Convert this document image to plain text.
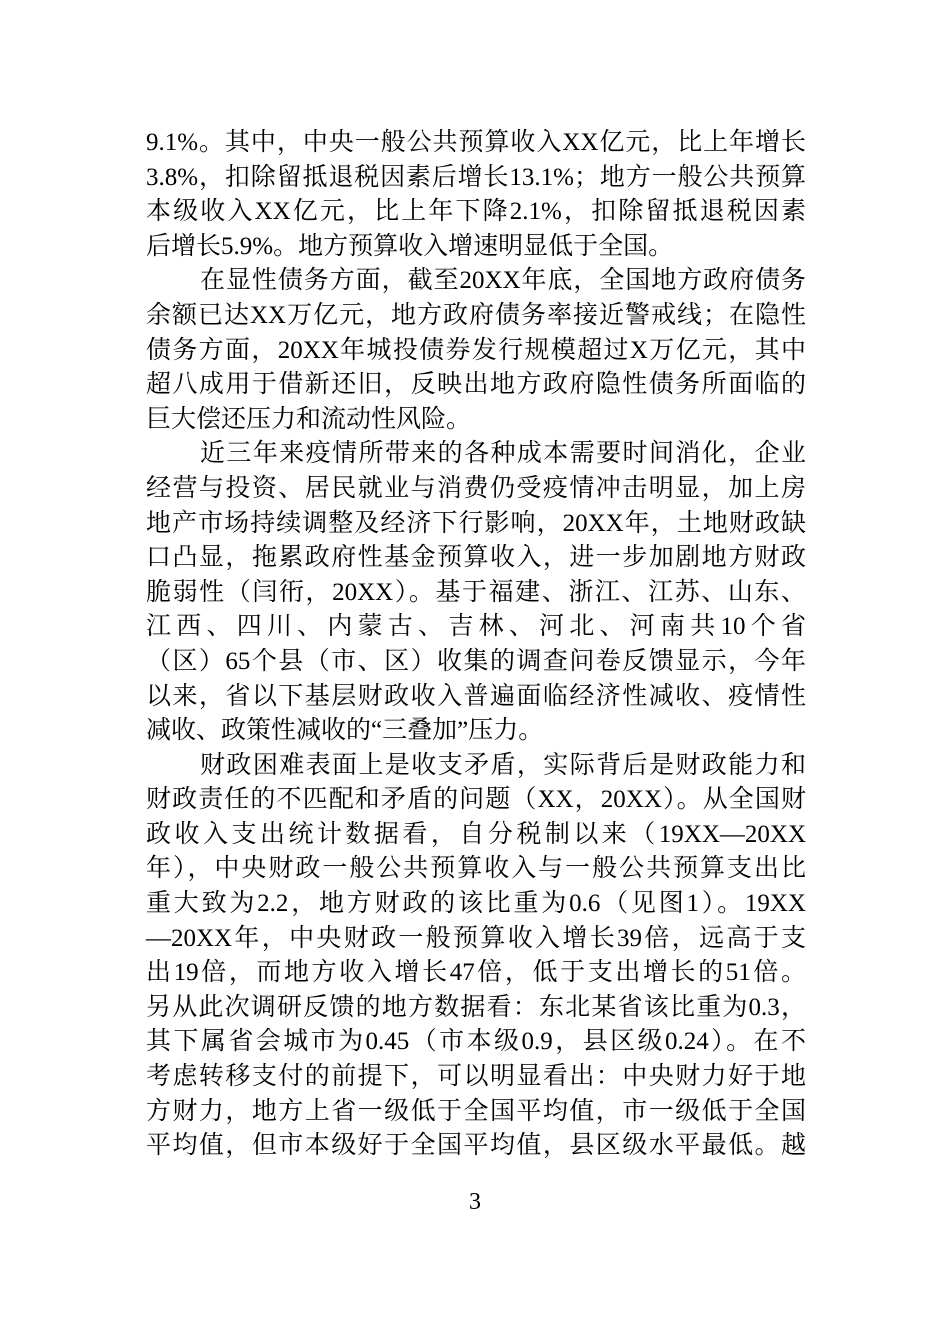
9.1%。其中，中央一般公共预算收入XX亿元，比上年增长
3.8%，扣除留抵退税因素后增长13.1%；地方一般公共预算
本级收入XX亿元，比上年下降2.1%，扣除留抵退税因素
后增长5.9%。地方预算收入增速明显低于全国。
在显性债务方面，截至20XX年底，全国地方政府债务
余额已达XX万亿元，地方政府债务率接近警戒线；在隐性
债务方面，20XX年城投债券发行规模超过X万亿元，其中
超八成用于借新还旧，反映出地方政府隐性债务所面临的
巨大偿还压力和流动性风险。
近三年来疫情所带来的各种成本需要时间消化，企业
经营与投资、居民就业与消费仍受疫情冲击明显，加上房
地产市场持续调整及经济下行影响，20XX年，土地财政缺
口凸显，拖累政府性基金预算收入，进一步加剧地方财政
脆弱性（闫衎，20XX）。基于福建、浙江、江苏、山东、
江西、四川、内蒙古、吉林、河北、河南共10个省
（区）65个县（市、区）收集的调查问卷反馈显示，今年
以来，省以下基层财政收入普遍面临经济性减收、疫情性
减收、政策性减收的“三叠加”压力。
财政困难表面上是收支矛盾，实际背后是财政能力和
财政责任的不匹配和矛盾的问题（XX，20XX）。从全国财
政收入支出统计数据看，自分税制以来（19XX—20XX
年），中央财政一般公共预算收入与一般公共预算支出比
重大致为2.2，地方财政的该比重为0.6（见图1）。19XX
—20XX年，中央财政一般预算收入增长39倍，远高于支
出19倍，而地方收入增长47倍，低于支出增长的51倍。
另从此次调研反馈的地方数据看：东北某省该比重为0.3，
其下属省会城市为0.45（市本级0.9，县区级0.24）。在不
考虑转移支付的前提下，可以明显看出：中央财力好于地
方财力，地方上省一级低于全国平均值，市一级低于全国
平均值，但市本级好于全国平均值，县区级水平最低。越
3
